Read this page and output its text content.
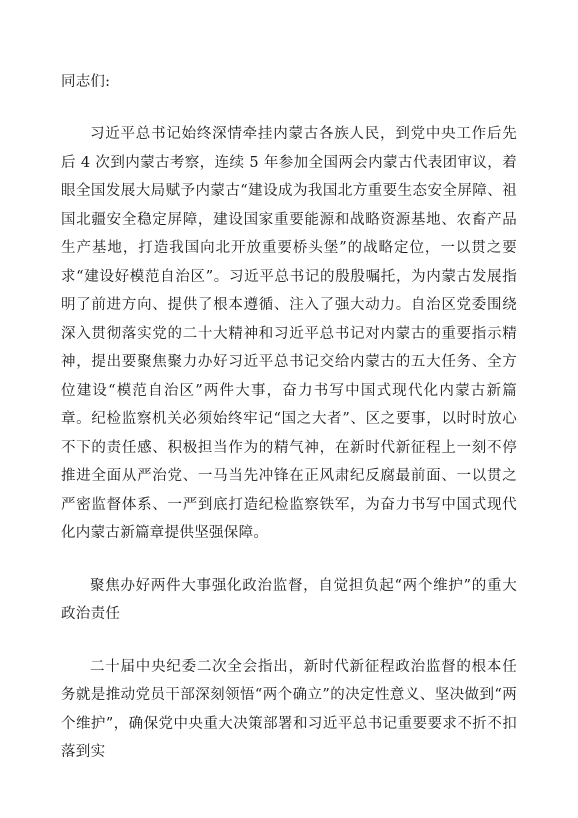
同志们:

习近平总书记始终深情牵挂内蒙古各族人民，到党中央工作后先后 4 次到内蒙古考察，连续 5 年参加全国两会内蒙古代表团审议，着眼全国发展大局赋予内蒙古“建设成为我国北方重要生态安全屏障、祖国北疆安全稳定屏障，建设国家重要能源和战略资源基地、农畜产品生产基地，打造我国向北开放重要桥头堡”的战略定位，一以贯之要求“建设好模范自治区”。习近平总书记的殷殷嘱托，为内蒙古发展指明了前进方向、提供了根本遵循、注入了强大动力。自治区党委围绕深入贯彻落实党的二十大精神和习近平总书记对内蒙古的重要指示精神，提出要聚焦聚力办好习近平总书记交给内蒙古的五大任务、全方位建设“模范自治区”两件大事，奋力书写中国式现代化内蒙古新篇章。纪检监察机关必须始终牢记“国之大者”、区之要事，以时时放心不下的责任感、积极担当作为的精气神，在新时代新征程上一刻不停推进全面从严治党、一马当先冲锋在正风肃纪反腐最前面、一以贯之严密监督体系、一严到底打造纪检监察铁军，为奋力书写中国式现代化内蒙古新篇章提供坚强保障。

聚焦办好两件大事强化政治监督，自觉担负起“两个维护”的重大政治责任

二十届中央纪委二次全会指出，新时代新征程政治监督的根本任务就是推动党员干部深刻领悟“两个确立”的决定性意义、坚决做到“两个维护”，确保党中央重大决策部署和习近平总书记重要要求不折不扣落到实
